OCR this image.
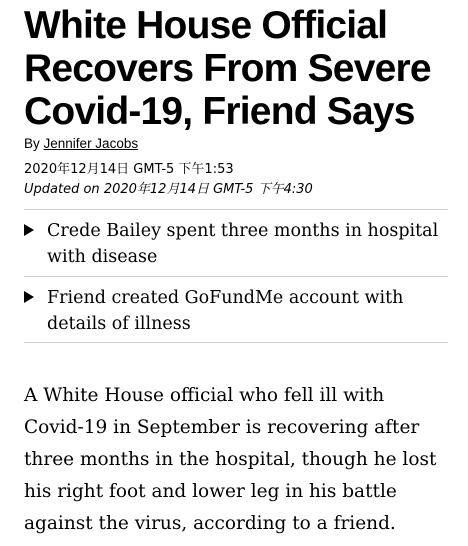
White House Official Recovers From Severe Covid-19, Friend Says
By Jennifer Jacobs
2020年12月14日 GMT-5 下午1:53
Updated on 2020年12月14日 GMT-5 下午4:30
Crede Bailey spent three months in hospital with disease
Friend created GoFundMe account with details of illness

A White House official who fell ill with Covid-19 in September is recovering after three months in the hospital, though he lost his right foot and lower leg in his battle against the virus, according to a friend.
